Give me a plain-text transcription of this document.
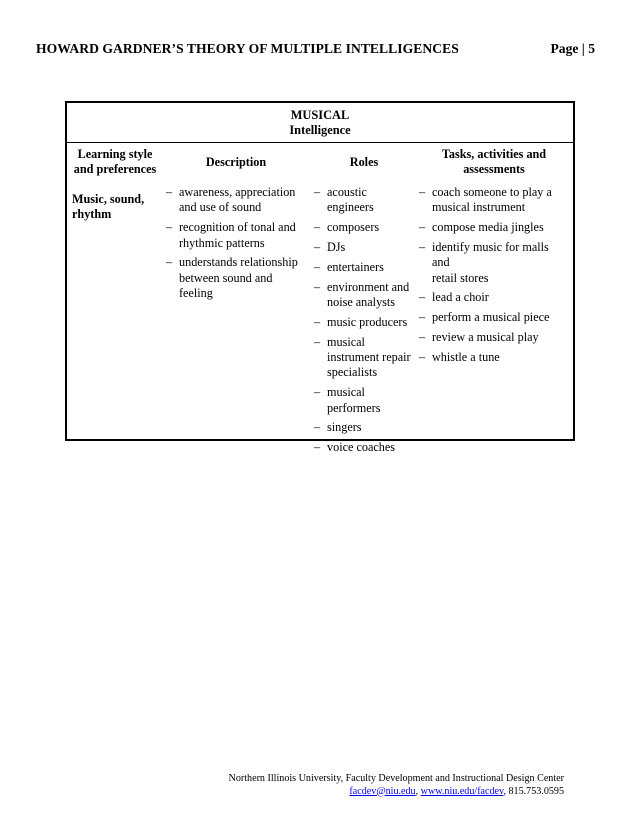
HOWARD GARDNER’S THEORY OF MULTIPLE INTELLIGENCES	Page | 5
MUSICAL
Intelligence
Learning style
and preferences
Music, sound,
rhythm
Description
– awareness, appreciation
and use of sound
– recognition of tonal and
rhythmic patterns
– understands relationship
between sound and feeling
Roles
– acoustic
engineers
– composers
– DJs
– entertainers
– environment and
noise analysts
– music producers
– musical
instrument repair
specialists
– musical
performers
– singers
– voice coaches
Tasks, activities and
assessments
– coach someone to play a
musical instrument
– compose media jingles
– identify music for malls and
retail stores
– lead a choir
– perform a musical piece
– review a musical play
– whistle a tune
Northern Illinois University, Faculty Development and Instructional Design Center
facdev@niu.edu, www.niu.edu/facdev, 815.753.0595
